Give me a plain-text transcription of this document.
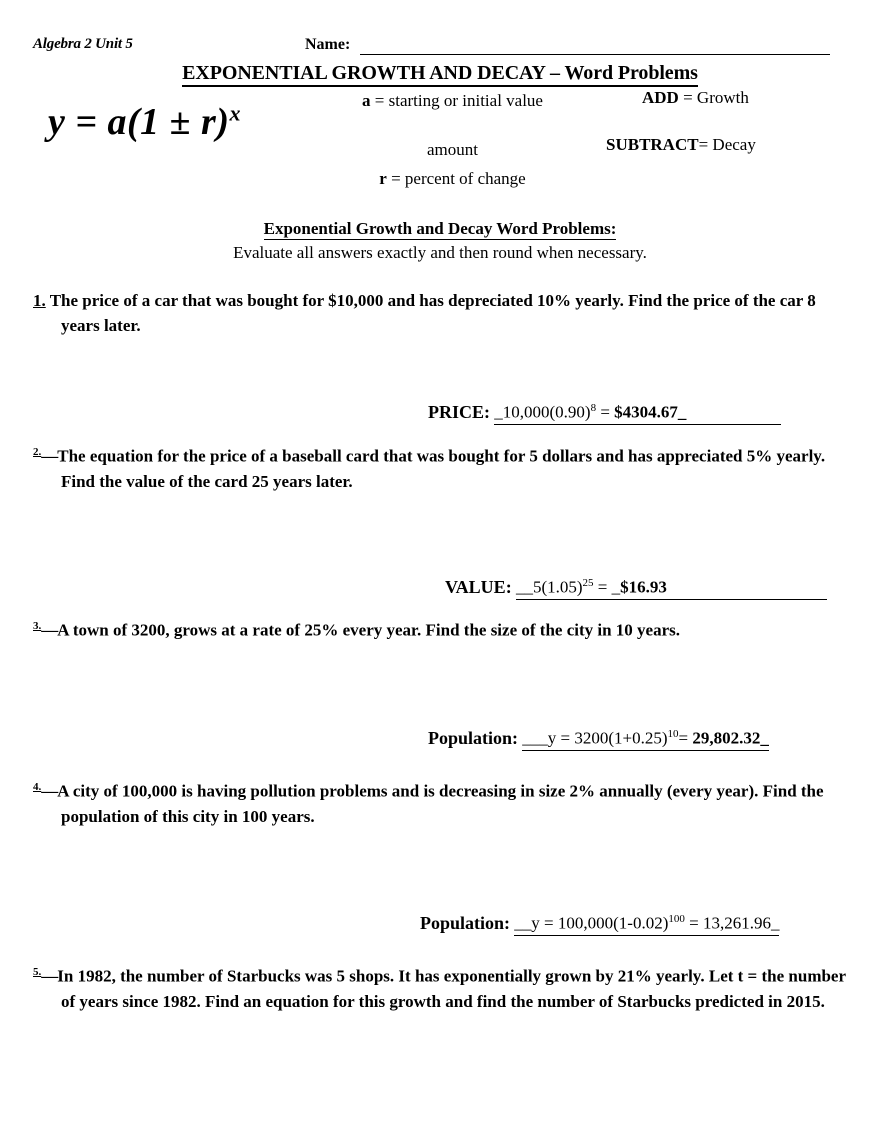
Algebra 2 Unit 5	Name:
EXPONENTIAL GROWTH AND DECAY – Word Problems
$y = a(1 \pm r)^x$	a = starting or initial value
amount
r = percent of change
ADD = Growth
SUBTRACT= Decay
Exponential Growth and Decay Word Problems:
Evaluate all answers exactly and then round when necessary.
1. The price of a car that was bought for $10,000 and has depreciated 10% yearly. Find the price of the car 8 years later.
PRICE: $\_10,000(0.90)^8$ = $4304.67_
$^{2.}$—The equation for the price of a baseball card that was bought for 5 dollars and has appreciated 5% yearly. Find the value of the card 25 years later.
VALUE: $\_\_5(1.05)^{25}$ = _$16.93
$^{3.}$—A town of 3200, grows at a rate of 25% every year. Find the size of the city in 10 years.
Population: ___y = $3200(1+0.25)^{10}=$ 29,802.32_
$^{4.}$—A city of 100,000 is having pollution problems and is decreasing in size 2% annually (every year). Find the population of this city in 100 years.
Population: __y = $100,000(1-0.02)^{100}$ = 13,261.96_
$^{5.}$—In 1982, the number of Starbucks was 5 shops. It has exponentially grown by 21% yearly. Let t = the number of years since 1982. Find an equation for this growth and find the number of Starbucks predicted in 2015.
